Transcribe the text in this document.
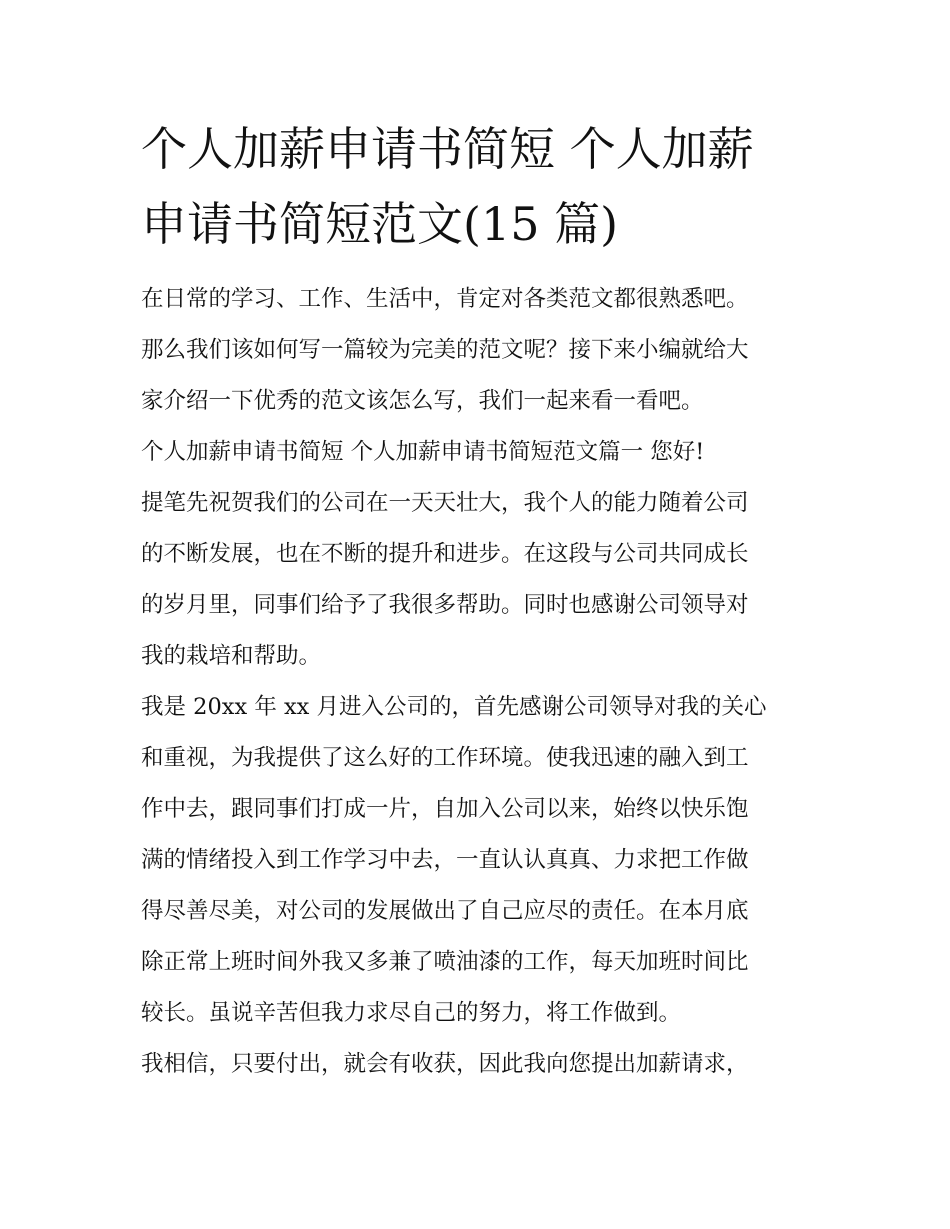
个人加薪申请书简短 个人加薪
申请书简短范文(15 篇)
在日常的学习、工作、生活中，肯定对各类范文都很熟悉吧。
那么我们该如何写一篇较为完美的范文呢？接下来小编就给大
家介绍一下优秀的范文该怎么写，我们一起来看一看吧。
个人加薪申请书简短 个人加薪申请书简短范文篇一 您好!
提笔先祝贺我们的公司在一天天壮大，我个人的能力随着公司
的不断发展，也在不断的提升和进步。在这段与公司共同成长
的岁月里，同事们给予了我很多帮助。同时也感谢公司领导对
我的栽培和帮助。
我是 20xx 年 xx 月进入公司的，首先感谢公司领导对我的关心
和重视，为我提供了这么好的工作环境。使我迅速的融入到工
作中去，跟同事们打成一片，自加入公司以来，始终以快乐饱
满的情绪投入到工作学习中去，一直认认真真、力求把工作做
得尽善尽美，对公司的发展做出了自己应尽的责任。在本月底
除正常上班时间外我又多兼了喷油漆的工作，每天加班时间比
较长。虽说辛苦但我力求尽自己的努力，将工作做到。
我相信，只要付出，就会有收获，因此我向您提出加薪请求，
